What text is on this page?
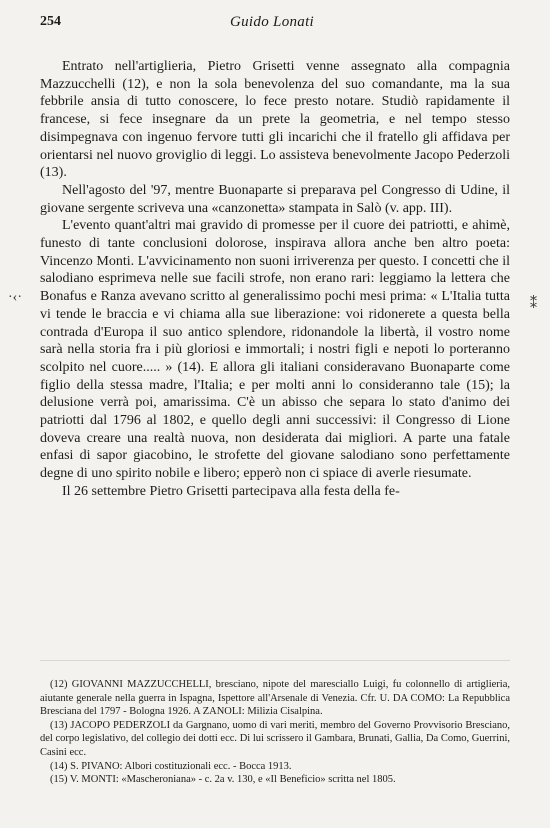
254	Guido Lonati
·‹·	⁑

Entrato nell'artiglieria, Pietro Grisetti venne assegnato alla compagnia Mazzucchelli (12), e non la sola benevolenza del suo comandante, ma la sua febbrile ansia di tutto conoscere, lo fece presto notare. Studiò rapidamente il francese, si fece insegnare da un prete la geometria, e nel tempo stesso disimpegnava con ingenuo fervore tutti gli incarichi che il fratello gli affidava per orientarsi nel nuovo groviglio di leggi. Lo assisteva benevolmente Jacopo Pederzoli (13).

Nell'agosto del '97, mentre Buonaparte si preparava pel Congresso di Udine, il giovane sergente scriveva una «canzonetta» stampata in Salò (v. app. III).

L'evento quant'altri mai gravido di promesse per il cuore dei patriotti, e ahimè, funesto di tante conclusioni dolorose, inspirava allora anche ben altro poeta: Vincenzo Monti. L'avvicinamento non suoni irriverenza per questo. I concetti che il salodiano esprimeva nelle sue facili strofe, non erano rari: leggiamo la lettera che Bonafus e Ranza avevano scritto al generalissimo pochi mesi prima: « L'Italia tutta vi tende le braccia e vi chiama alla sue liberazione: voi ridonerete a questa bella contrada d'Europa il suo antico splendore, ridonandole la libertà, il vostro nome sarà nella storia fra i più gloriosi e immortali; i nostri figli e nepoti lo porteranno scolpito nel cuore..... » (14). E allora gli italiani consideravano Buonaparte come figlio della stessa madre, l'Italia; e per molti anni lo consideranno tale (15); la delusione verrà poi, amarissima. C'è un abisso che separa lo stato d'animo dei patriotti dal 1796 al 1802, e quello degli anni successivi: il Congresso di Lione doveva creare una realtà nuova, non desiderata dai migliori. A parte una fatale enfasi di sapor giacobino, le strofette del giovane salodiano sono perfettamente degne di uno spirito nobile e libero; epperò non ci spiace di averle riesumate.

Il 26 settembre Pietro Grisetti partecipava alla festa della fe-

(12) GIOVANNI MAZZUCCHELLI, bresciano, nipote del maresciallo Luigi, fu colonnello di artiglieria, aiutante generale nella guerra in Ispagna, Ispettore all'Arsenale di Venezia. Cfr. U. DA COMO: La Repubblica Bresciana del 1797 - Bologna 1926. A ZANOLI: Milizia Cisalpina.

(13) JACOPO PEDERZOLI da Gargnano, uomo di vari meriti, membro del Governo Provvisorio Bresciano, del corpo legislativo, del collegio dei dotti ecc. Di lui scrissero il Gambara, Brunati, Gallia, Da Como, Guerrini, Casini ecc.

(14) S. PIVANO: Albori costituzionali ecc. - Bocca 1913.

(15) V. MONTI: «Mascheroniana» - c. 2a v. 130, e «Il Beneficio» scritta nel 1805.
